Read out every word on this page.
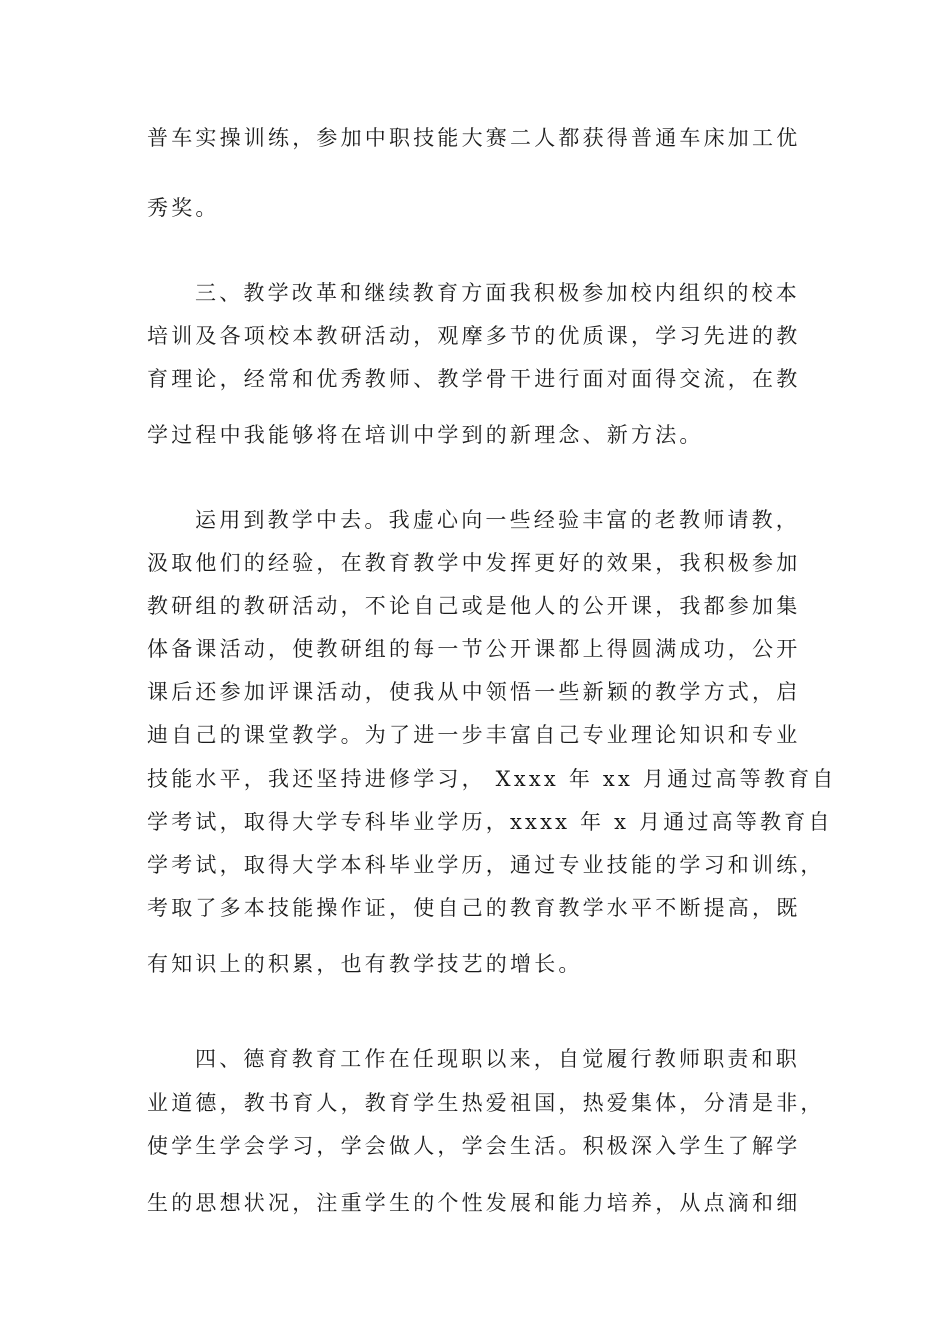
普车实操训练，参加中职技能大赛二人都获得普通车床加工优
秀奖。
三、教学改革和继续教育方面我积极参加校内组织的校本
培训及各项校本教研活动，观摩多节的优质课，学习先进的教
育理论，经常和优秀教师、教学骨干进行面对面得交流，在教
学过程中我能够将在培训中学到的新理念、新方法。
运用到教学中去。我虚心向一些经验丰富的老教师请教，
汲取他们的经验，在教育教学中发挥更好的效果，我积极参加
教研组的教研活动，不论自己或是他人的公开课，我都参加集
体备课活动，使教研组的每一节公开课都上得圆满成功，公开
课后还参加评课活动，使我从中领悟一些新颖的教学方式，启
迪自己的课堂教学。为了进一步丰富自己专业理论知识和专业
技能水平，我还坚持进修学习， Xxxx 年 xx 月通过高等教育自
学考试，取得大学专科毕业学历，xxxx 年 x 月通过高等教育自
学考试，取得大学本科毕业学历，通过专业技能的学习和训练，
考取了多本技能操作证，使自己的教育教学水平不断提高，既
有知识上的积累，也有教学技艺的增长。
四、德育教育工作在任现职以来，自觉履行教师职责和职
业道德，教书育人，教育学生热爱祖国，热爱集体，分清是非，
使学生学会学习，学会做人，学会生活。积极深入学生了解学
生的思想状况，注重学生的个性发展和能力培养，从点滴和细
